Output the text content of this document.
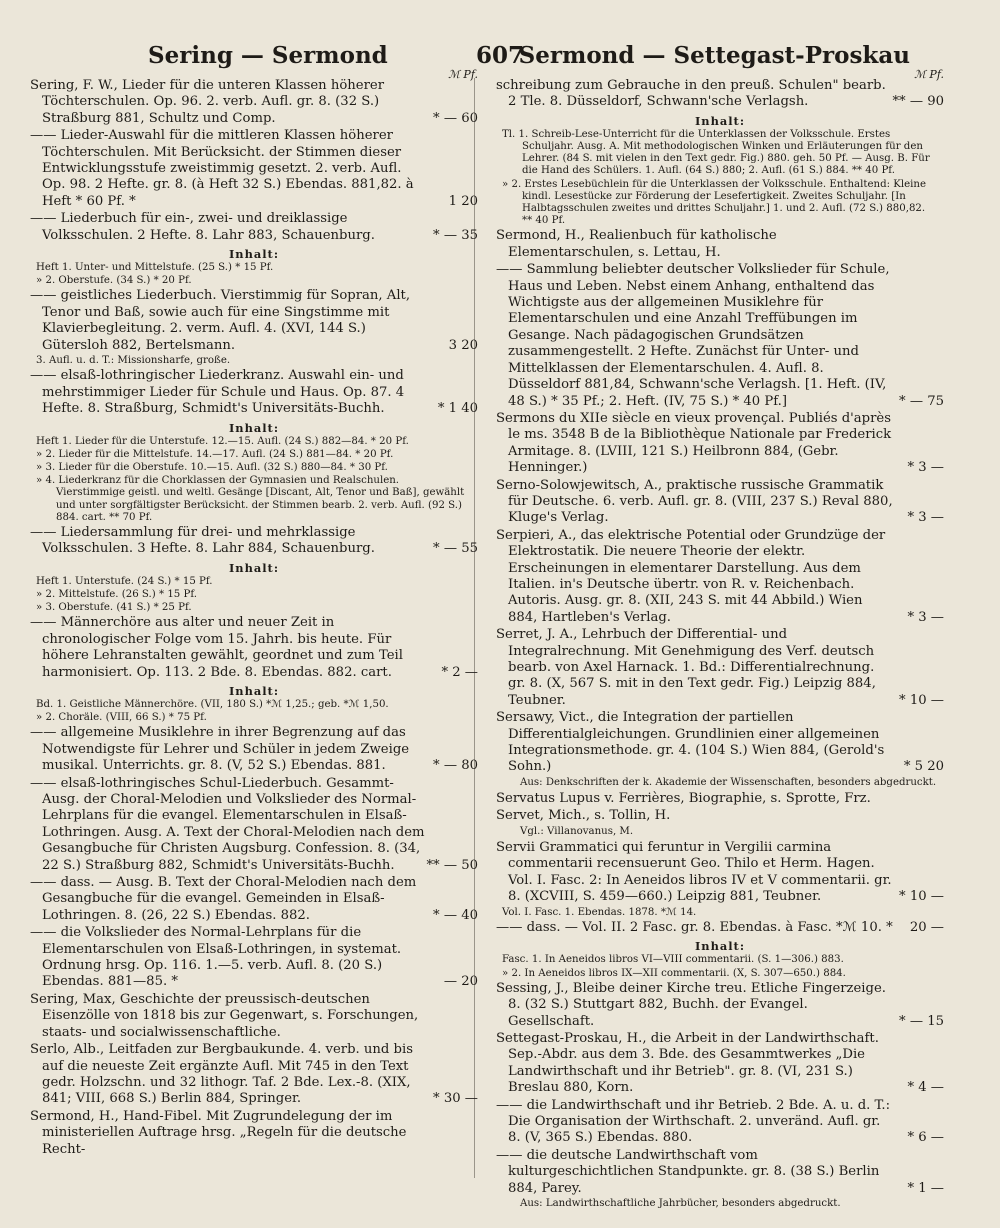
Sering — Sermond	607
Sermond — Settegast-Proskau
ℳ Pf.
Sering, F. W., Lieder für die unteren Klassen höherer Töchterschulen. Op. 96. 2. verb. Aufl. gr. 8. (32 S.) Straßburg 881, Schultz und Comp.	* — 60
—— Lieder-Auswahl für die mittleren Klassen höherer Töchterschulen. Mit Berücksicht. der Stimmen dieser Entwicklungsstufe zweistimmig gesetzt. 2. verb. Aufl. Op. 98. 2 Hefte. gr. 8. (à Heft 32 S.) Ebendas. 881,82. à Heft * 60 Pf. *	1 20
—— Liederbuch für ein-, zwei- und dreiklassige Volksschulen. 2 Hefte. 8. Lahr 883, Schauenburg.	* — 35
Inhalt:
Heft 1. Unter- und Mittelstufe. (25 S.) * 15 Pf.
» 2. Oberstufe. (34 S.) * 20 Pf.
—— geistliches Liederbuch. Vierstimmig für Sopran, Alt, Tenor und Baß, sowie auch für eine Singstimme mit Klavierbegleitung. 2. verm. Aufl. 4. (XVI, 144 S.) Gütersloh 882, Bertelsmann.	3 20
3. Aufl. u. d. T.: Missionsharfe, große.
—— elsaß-lothringischer Liederkranz. Auswahl ein- und mehrstimmiger Lieder für Schule und Haus. Op. 87. 4 Hefte. 8. Straßburg, Schmidt's Universitäts-Buchh.	* 1 40
Inhalt:
Heft 1. Lieder für die Unterstufe. 12.—15. Aufl. (24 S.) 882—84. * 20 Pf.
» 2. Lieder für die Mittelstufe. 14.—17. Aufl. (24 S.) 881—84. * 20 Pf.
» 3. Lieder für die Oberstufe. 10.—15. Aufl. (32 S.) 880—84. * 30 Pf.
» 4. Liederkranz für die Chorklassen der Gymnasien und Realschulen. Vierstimmige geistl. und weltl. Gesänge [Discant, Alt, Tenor und Baß], gewählt und unter sorgfältigster Berücksicht. der Stimmen bearb. 2. verb. Aufl. (92 S.) 884. cart. ** 70 Pf.
—— Liedersammlung für drei- und mehrklassige Volksschulen. 3 Hefte. 8. Lahr 884, Schauenburg.	* — 55
Inhalt:
Heft 1. Unterstufe. (24 S.) * 15 Pf.
» 2. Mittelstufe. (26 S.) * 15 Pf.
» 3. Oberstufe. (41 S.) * 25 Pf.
—— Männerchöre aus alter und neuer Zeit in chronologischer Folge vom 15. Jahrh. bis heute. Für höhere Lehranstalten gewählt, geordnet und zum Teil harmonisiert. Op. 113. 2 Bde. 8. Ebendas. 882. cart.	* 2 —
Inhalt:
Bd. 1. Geistliche Männerchöre. (VII, 180 S.) *ℳ 1,25.; geb. *ℳ 1,50.
» 2. Choräle. (VIII, 66 S.) * 75 Pf.
—— allgemeine Musiklehre in ihrer Begrenzung auf das Notwendigste für Lehrer und Schüler in jedem Zweige musikal. Unterrichts. gr. 8. (V, 52 S.) Ebendas. 881.	* — 80
—— elsaß-lothringisches Schul-Liederbuch. Gesammt-Ausg. der Choral-Melodien und Volkslieder des Normal-Lehrplans für die evangel. Elementarschulen in Elsaß-Lothringen. Ausg. A. Text der Choral-Melodien nach dem Gesangbuche für Christen Augsburg. Confession. 8. (34, 22 S.) Straßburg 882, Schmidt's Universitäts-Buchh. ** — 50
—— dass. — Ausg. B. Text der Choral-Melodien nach dem Gesangbuche für die evangel. Gemeinden in Elsaß-Lothringen. 8. (26, 22 S.) Ebendas. 882.	* — 40
—— die Volkslieder des Normal-Lehrplans für die Elementarschulen von Elsaß-Lothringen, in systemat. Ordnung hrsg. Op. 116. 1.—5. verb. Aufl. 8. (20 S.) Ebendas. 881—85. *	— 20
Sering, Max, Geschichte der preussisch-deutschen Eisenzölle von 1818 bis zur Gegenwart, s. Forschungen, staats- und socialwissenschaftliche.
Serlo, Alb., Leitfaden zur Bergbaukunde. 4. verb. und bis auf die neueste Zeit ergänzte Aufl. Mit 745 in den Text gedr. Holzschn. und 32 lithogr. Taf. 2 Bde. Lex.-8. (XIX, 841; VIII, 668 S.) Berlin 884, Springer.	* 30 —
Sermond, H., Hand-Fibel. Mit Zugrundelegung der im ministeriellen Auftrage hrsg. „Regeln für die deutsche Recht-
ℳ Pf.
schreibung zum Gebrauche in den preuß. Schulen" bearb. 2 Tle. 8. Düsseldorf, Schwann'sche Verlagsh.	** — 90
Inhalt:
Tl. 1. Schreib-Lese-Unterricht für die Unterklassen der Volksschule. Erstes Schuljahr. Ausg. A. Mit methodologischen Winken und Erläuterungen für den Lehrer. (84 S. mit vielen in den Text gedr. Fig.) 880. geh. 50 Pf. — Ausg. B. Für die Hand des Schülers. 1. Aufl. (64 S.) 880; 2. Aufl. (61 S.) 884. ** 40 Pf.
» 2. Erstes Lesebüchlein für die Unterklassen der Volksschule. Enthaltend: Kleine kindl. Lesestücke zur Förderung der Lesefertigkeit. Zweites Schuljahr. [In Halbtagsschulen zweites und drittes Schuljahr.] 1. und 2. Aufl. (72 S.) 880,82. ** 40 Pf.
Sermond, H., Realienbuch für katholische Elementarschulen, s. Lettau, H.
—— Sammlung beliebter deutscher Volkslieder für Schule, Haus und Leben. Nebst einem Anhang, enthaltend das Wichtigste aus der allgemeinen Musiklehre für Elementarschulen und eine Anzahl Treffübungen im Gesange. Nach pädagogischen Grundsätzen zusammengestellt. 2 Hefte. Zunächst für Unter- und Mittelklassen der Elementarschulen. 4. Aufl. 8. Düsseldorf 881,84, Schwann'sche Verlagsh. [1. Heft. (IV, 48 S.) * 35 Pf.; 2. Heft. (IV, 75 S.) * 40 Pf.]	* — 75
Sermons du XIIe siècle en vieux provençal. Publiés d'après le ms. 3548 B de la Bibliothèque Nationale par Frederick Armitage. 8. (LVIII, 121 S.) Heilbronn 884, (Gebr. Henninger.)	* 3 —
Serno-Solowjewitsch, A., praktische russische Grammatik für Deutsche. 6. verb. Aufl. gr. 8. (VIII, 237 S.) Reval 880, Kluge's Verlag.	* 3 —
Serpieri, A., das elektrische Potential oder Grundzüge der Elektrostatik. Die neuere Theorie der elektr. Erscheinungen in elementarer Darstellung. Aus dem Italien. in's Deutsche übertr. von R. v. Reichenbach. Autoris. Ausg. gr. 8. (XII, 243 S. mit 44 Abbild.) Wien 884, Hartleben's Verlag.	* 3 —
Serret, J. A., Lehrbuch der Differential- und Integralrechnung. Mit Genehmigung des Verf. deutsch bearb. von Axel Harnack. 1. Bd.: Differentialrechnung. gr. 8. (X, 567 S. mit in den Text gedr. Fig.) Leipzig 884, Teubner.	* 10 —
Sersawy, Vict., die Integration der partiellen Differentialgleichungen. Grundlinien einer allgemeinen Integrationsmethode. gr. 4. (104 S.) Wien 884, (Gerold's Sohn.)	* 5 20
Aus: Denkschriften der k. Akademie der Wissenschaften, besonders abgedruckt.
Servatus Lupus v. Ferrières, Biographie, s. Sprotte, Frz.
Servet, Mich., s. Tollin, H.
Vgl.: Villanovanus, M.
Servii Grammatici qui feruntur in Vergilii carmina commentarii recensuerunt Geo. Thilo et Herm. Hagen. Vol. I. Fasc. 2: In Aeneidos libros IV et V commentarii. gr. 8. (XCVIII, S. 459—660.) Leipzig 881, Teubner.	* 10 —
Vol. I. Fasc. 1. Ebendas. 1878. *ℳ 14.
—— dass. — Vol. II. 2 Fasc. gr. 8. Ebendas. à Fasc. *ℳ 10. * 20 —
Inhalt:
Fasc. 1. In Aeneidos libros VI—VIII commentarii. (S. 1—306.) 883.
» 2. In Aeneidos libros IX—XII commentarii. (X, S. 307—650.) 884.
Sessing, J., Bleibe deiner Kirche treu. Etliche Fingerzeige. 8. (32 S.) Stuttgart 882, Buchh. der Evangel. Gesellschaft.	* — 15
Settegast-Proskau, H., die Arbeit in der Landwirthschaft. Sep.-Abdr. aus dem 3. Bde. des Gesammtwerkes „Die Landwirthschaft und ihr Betrieb". gr. 8. (VI, 231 S.) Breslau 880, Korn.	* 4 —
—— die Landwirthschaft und ihr Betrieb. 2 Bde. A. u. d. T.: Die Organisation der Wirthschaft. 2. unveränd. Aufl. gr. 8. (V, 365 S.) Ebendas. 880.	* 6 —
—— die deutsche Landwirthschaft vom kulturgeschichtlichen Standpunkte. gr. 8. (38 S.) Berlin 884, Parey.	* 1 —
Aus: Landwirthschaftliche Jahrbücher, besonders abgedruckt.
